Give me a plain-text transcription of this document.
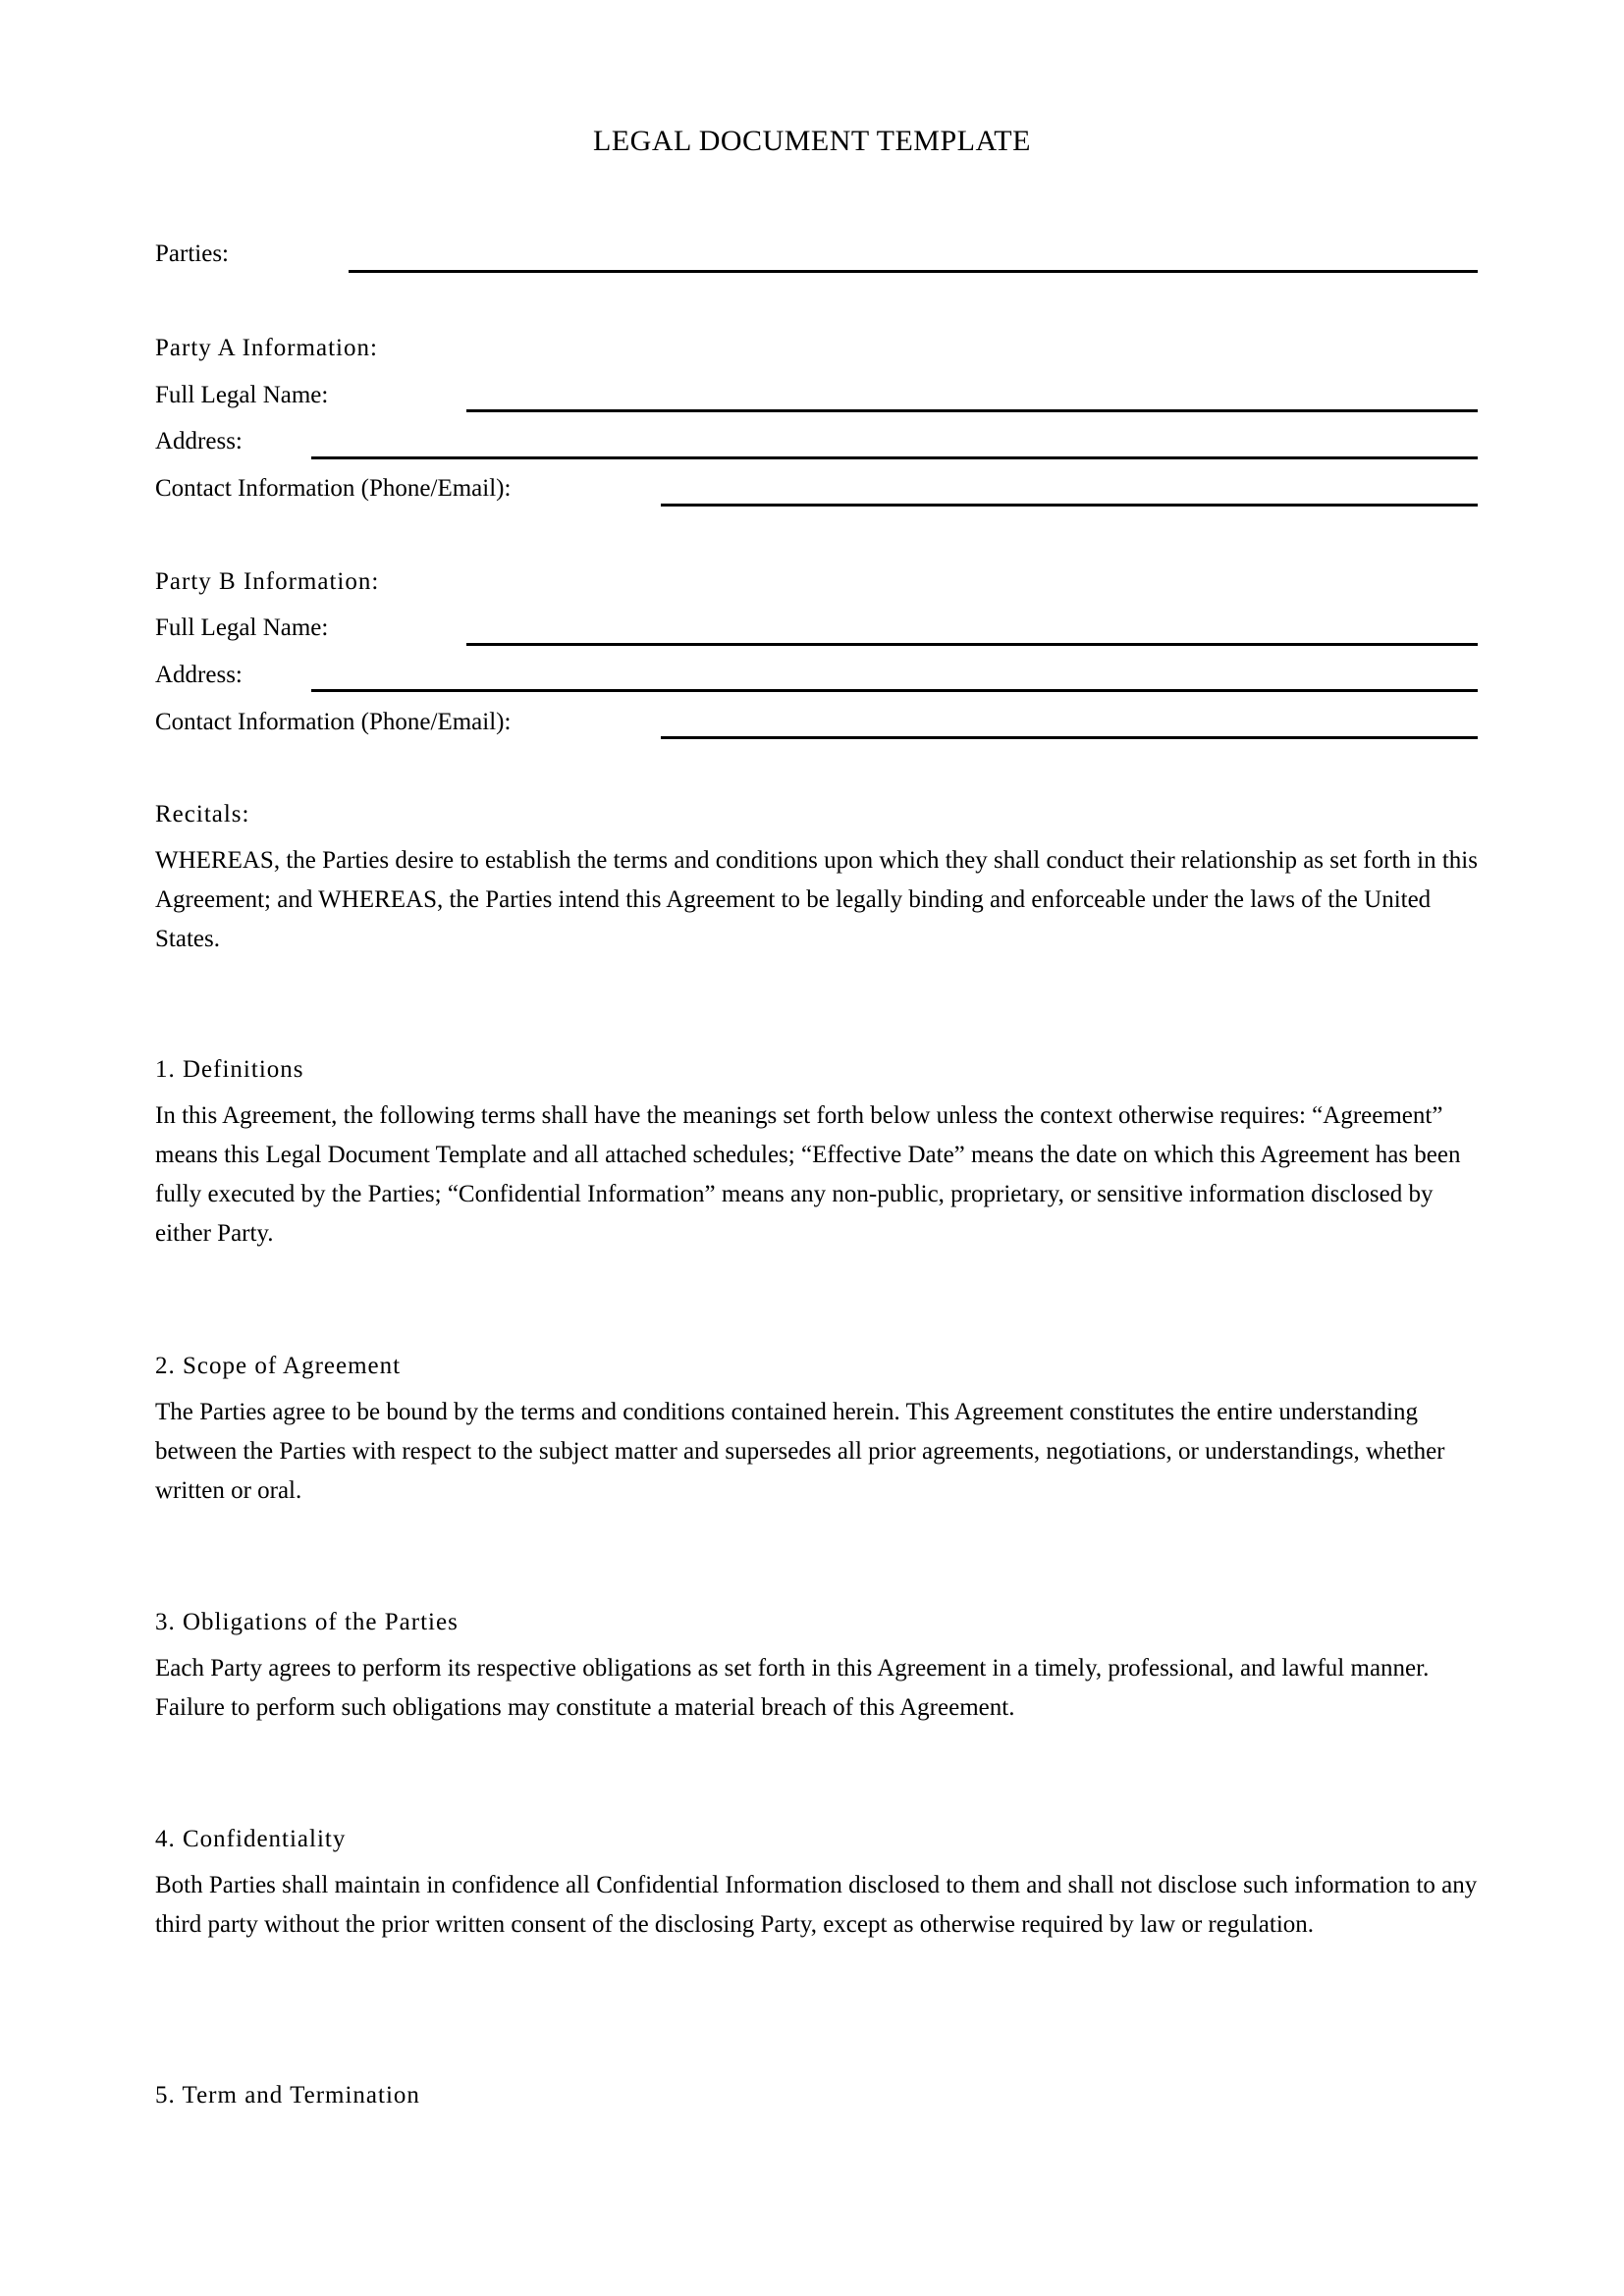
LEGAL DOCUMENT TEMPLATE
Parties:
Party A Information:
Full Legal Name:
Address:
Contact Information (Phone/Email):
Party B Information:
Full Legal Name:
Address:
Contact Information (Phone/Email):
Recitals:
WHEREAS, the Parties desire to establish the terms and conditions upon which they shall conduct their relationship as set forth in this Agreement; and WHEREAS, the Parties intend this Agreement to be legally binding and enforceable under the laws of the United States.
1. Definitions
In this Agreement, the following terms shall have the meanings set forth below unless the context otherwise requires: “Agreement” means this Legal Document Template and all attached schedules; “Effective Date” means the date on which this Agreement has been fully executed by the Parties; “Confidential Information” means any non-public, proprietary, or sensitive information disclosed by either Party.
2. Scope of Agreement
The Parties agree to be bound by the terms and conditions contained herein. This Agreement constitutes the entire understanding between the Parties with respect to the subject matter and supersedes all prior agreements, negotiations, or understandings, whether written or oral.
3. Obligations of the Parties
Each Party agrees to perform its respective obligations as set forth in this Agreement in a timely, professional, and lawful manner. Failure to perform such obligations may constitute a material breach of this Agreement.
4. Confidentiality
Both Parties shall maintain in confidence all Confidential Information disclosed to them and shall not disclose such information to any third party without the prior written consent of the disclosing Party, except as otherwise required by law or regulation.
5. Term and Termination
